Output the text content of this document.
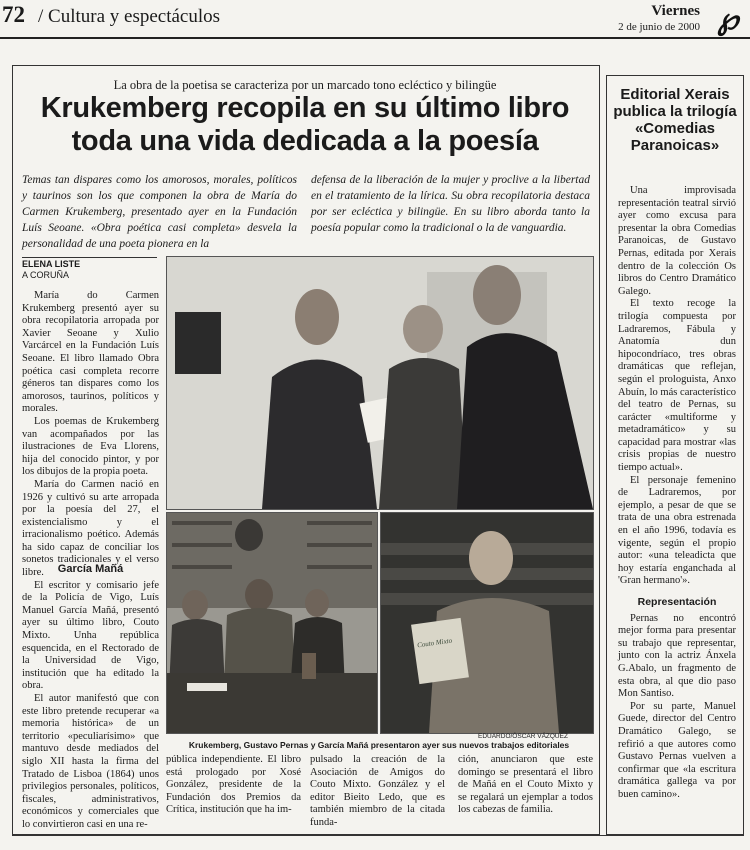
72 / Cultura y espectáculos	Viernes
2 de junio de 2000 ℘
La obra de la poetisa se caracteriza por un marcado tono ecléctico y bilingüe
Krukemberg recopila en su último libro
toda una vida dedicada a la poesía
Temas tan dispares como los amorosos, morales, políticos y taurinos son los que componen la obra de María do Carmen Krukemberg, presentado ayer en la Fundación Luís Seoane. «Obra poética casi completa» desvela la personalidad de una poeta pionera en la
defensa de la liberación de la mujer y proclive a la libertad en el tratamiento de la lírica. Su obra recopilatoria destaca por ser ecléctica y bilingüe. En su libro aborda tanto la poesía popular como la tradicional o la de vanguardia.
ELENA LISTE
A CORUÑA

María do Carmen Krukemberg presentó ayer su obra recopilatoria arropada por Xavier Seoane y Xulio Varcárcel en la Fundación Luís Seoane. El libro llamado Obra poética casi completa recorre géneros tan dispares como los amorosos, taurinos, políticos y morales.

Los poemas de Krukemberg van acompañados por las ilustraciones de Eva Llorens, hija del conocido pintor, y por los dibujos de la propia poeta.

María do Carmen nació en 1926 y cultivó su arte arropada por la poesía del 27, el existencialismo y el irracionalismo poético. Además ha sido capaz de conciliar los sonetos tradicionales y el verso libre.	García Mañá

El escritor y comisario jefe de la Policía de Vigo, Luís Manuel García Mañá, presentó ayer su último libro, Couto Mixto. Unha república esquencida, en el Rectorado de la Universidad de Vigo, institución que ha editado la obra.

El autor manifestó que con este libro pretende recuperar «a memoria histórica» de un territorio «peculiarísimo» que mantuvo desde mediados del siglo XII hasta la firma del Tratado de Lisboa (1864) unos privilegios personales, políticos, fiscales, administrativos, económicos y comerciales que lo convirtieron casi en una re-

Couto Mixto
EDUARDO/ÓSCAR VÁZQUEZ
Krukemberg, Gustavo Pernas y García Mañá presentaron ayer sus nuevos trabajos editoriales
pública independiente. El libro está prologado por Xosé González, presidente de la Fundación dos Premios da Crítica, institución que ha im-
pulsado la creación de la Asociación de Amigos do Couto Mixto. González y el editor Bieito Ledo, que es también miembro de la citada funda-
ción, anunciaron que este domingo se presentará el libro de Mañá en el Couto Mixto y se regalará un ejemplar a todos los cabezas de familia.
Editorial Xerais publica la trilogía «Comedias Paranoicas»

Una improvisada representación teatral sirvió ayer como excusa para presentar la obra Comedias Paranoicas, de Gustavo Pernas, editada por Xerais dentro de la colección Os libros do Centro Dramático Galego.

El texto recoge la trilogía compuesta por Ladraremos, Fábula y Anatomía dun hipocondríaco, tres obras dramáticas que reflejan, según el prologuista, Anxo Abuín, lo más característico del teatro de Pernas, su carácter «multiforme y metadramático» y su capacidad para mostrar «las crisis propias de nuestro tiempo actual».

El personaje femenino de Ladraremos, por ejemplo, a pesar de que se trata de una obra estrenada en el año 1996, todavía es vigente, según el propio autor: «una teleadicta que hoy estaría enganchada al 'Gran hermano'».

Representación

Pernas no encontró mejor forma para presentar su trabajo que representar, junto con la actriz Ánxela G.Abalo, un fragmento de esta obra, al que dio paso Mon Santiso.

Por su parte, Manuel Guede, director del Centro Dramático Galego, se refirió a que autores como Gustavo Pernas vuelven a confirmar que «la escritura dramática gallega va por buen camino».
